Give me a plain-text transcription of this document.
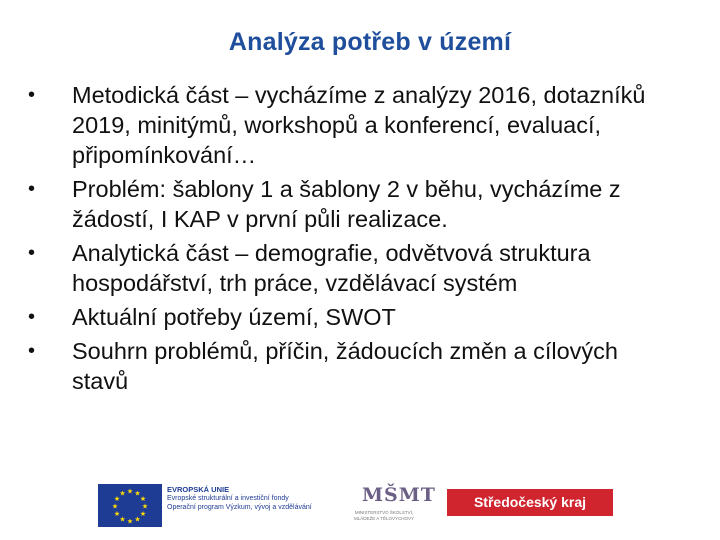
Analýza potřeb v území
• Metodická část – vycházíme z analýzy 2016, dotazníků 2019, minitýmů, workshopů a konferencí, evaluací, připomínkování…
• Problém: šablony 1 a šablony 2 v běhu, vycházíme z žádostí, I KAP v první půli realizace.
• Analytická část – demografie, odvětvová struktura hospodářství, trh práce, vzdělávací systém
• Aktuální potřeby území, SWOT
• Souhrn problémů, příčin, žádoucích změn a cílových stavů
★ ★
★
★
★
★
★
★
★
★
★
★	EVROPSKÁ UNIE
Evropské strukturální a investiční fondy
Operační program Výzkum, vývoj a vzdělávání
MŠMT
MINISTERSTVO ŠKOLSTVÍ, MLÁDEŽE A TĚLOVÝCHOVY
Středočeský kraj
